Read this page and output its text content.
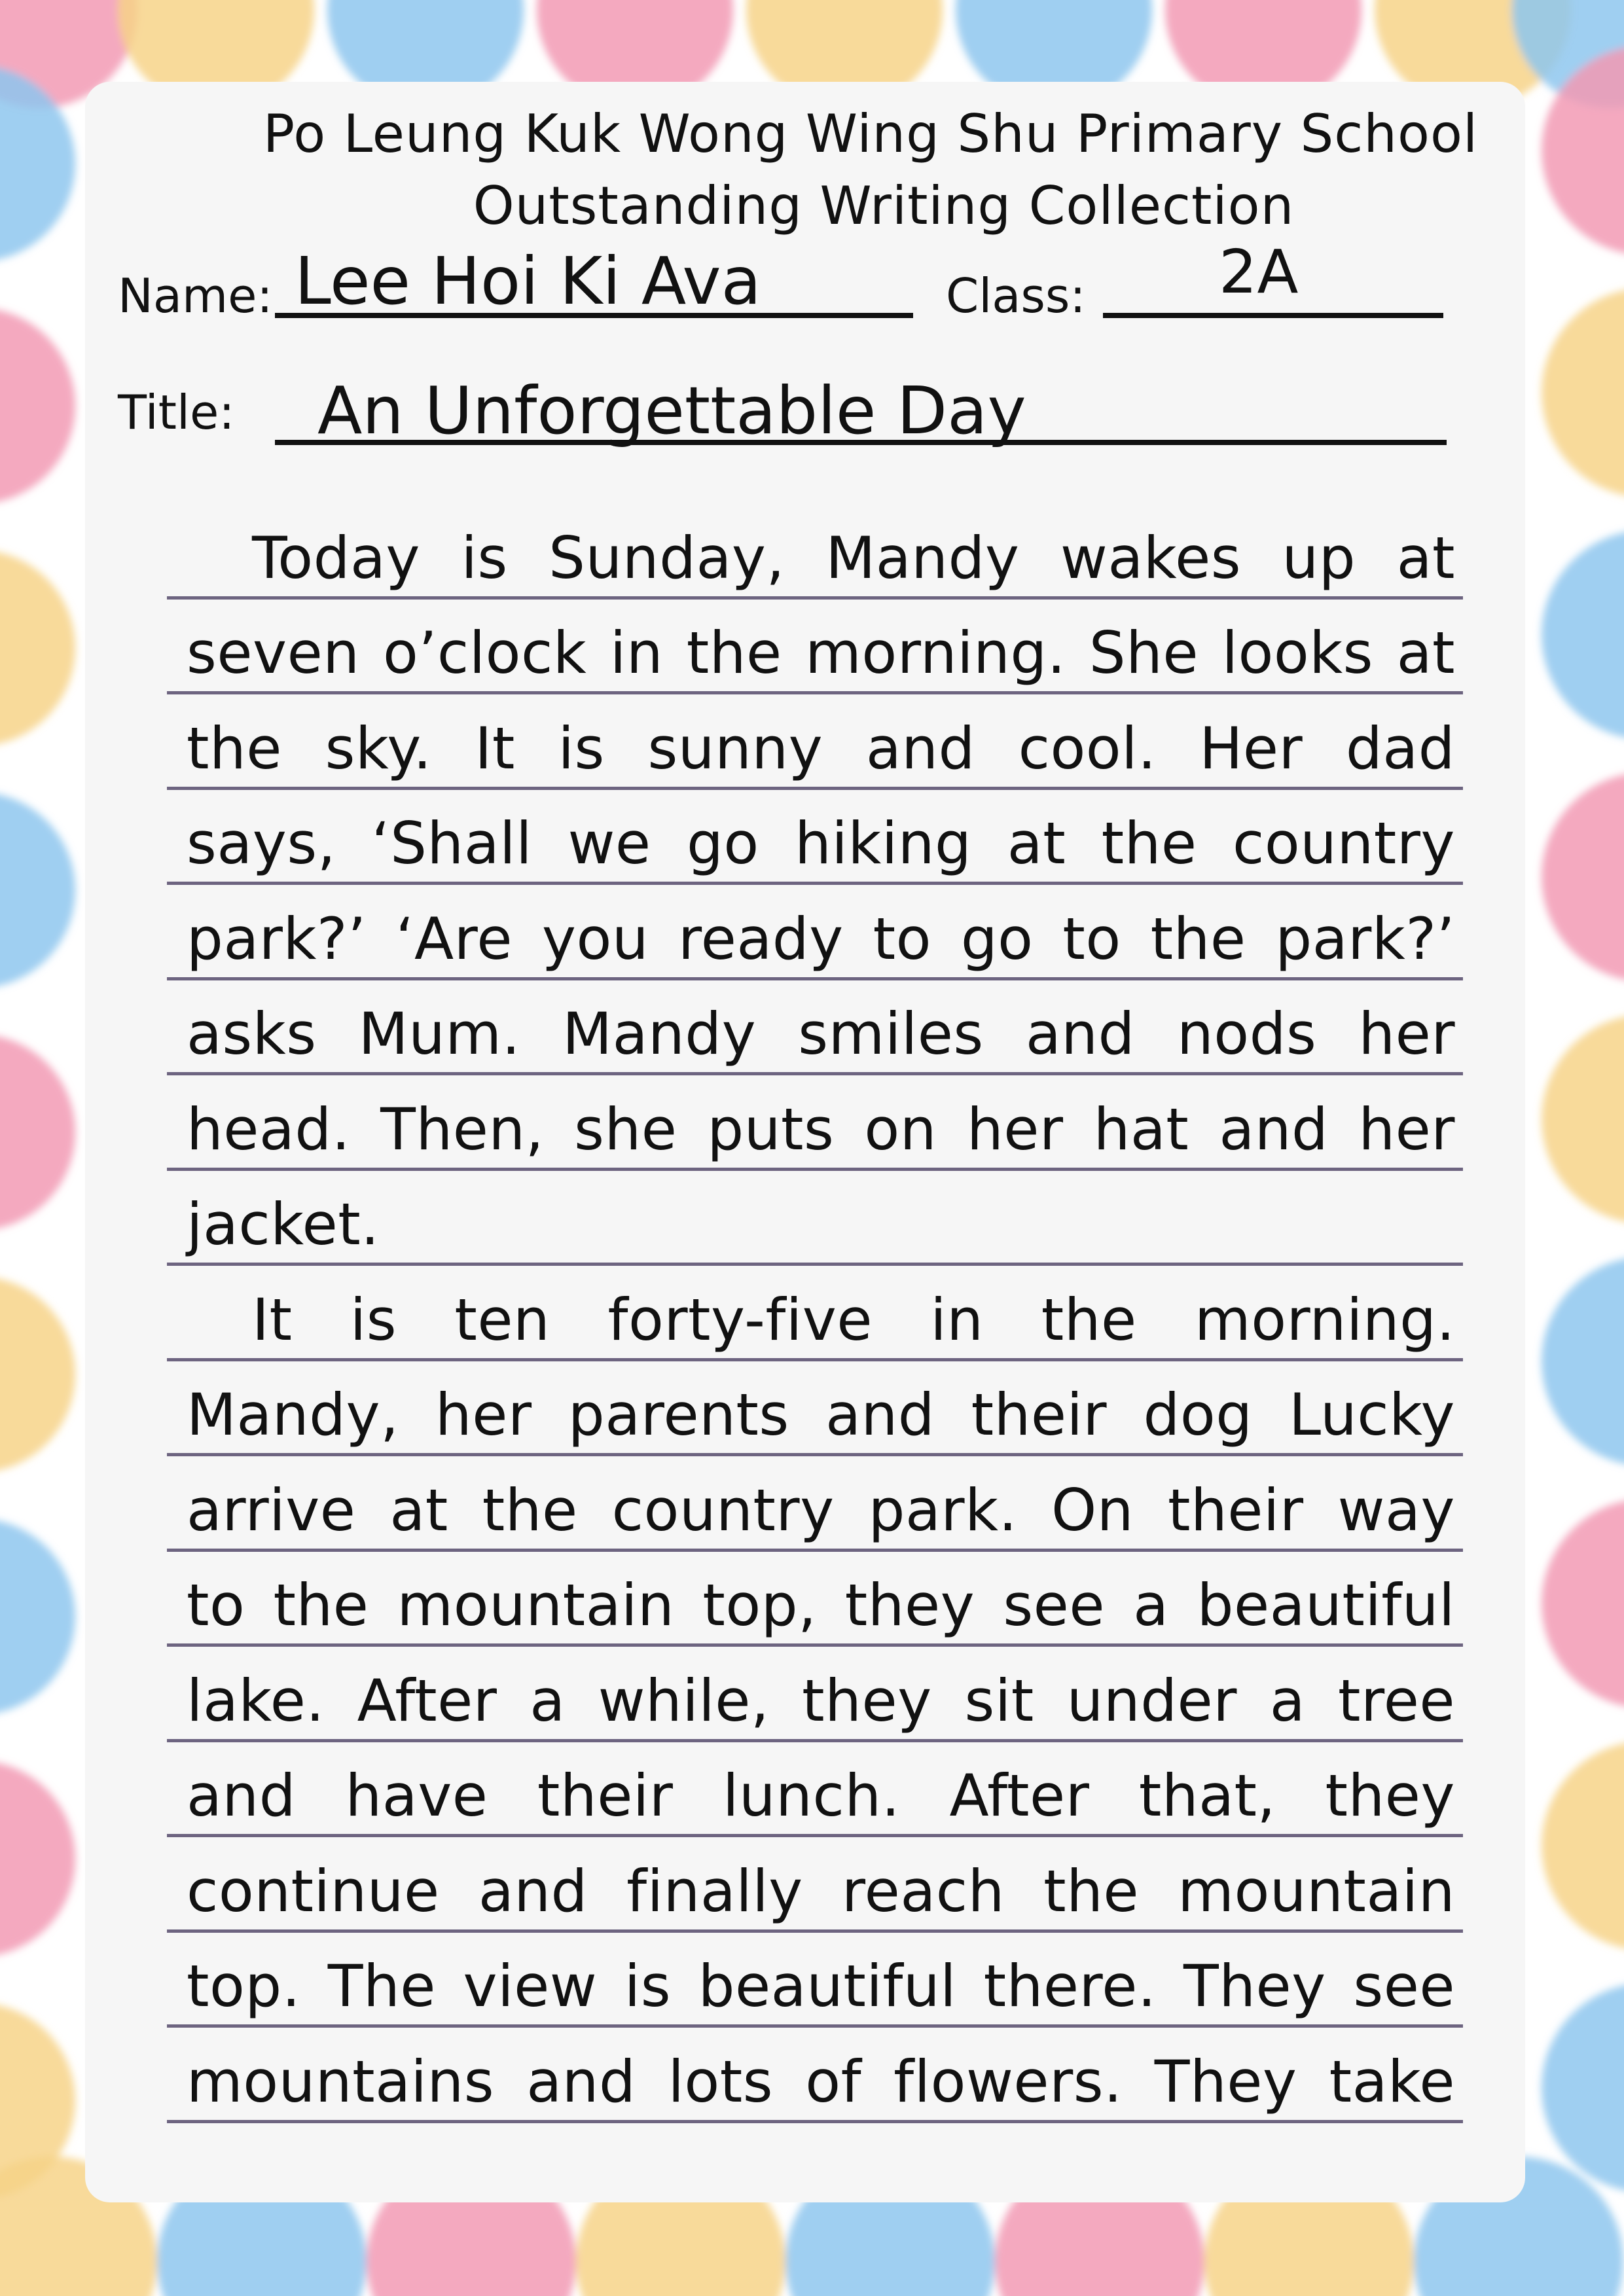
Po Leung Kuk Wong Wing Shu Primary School
Outstanding Writing Collection
Name: Lee Hoi Ki Ava	Class: 2A
Title: An Unforgettable Day
Today is Sunday, Mandy wakes up at
seven o’clock in the morning. She looks at
the sky. It is sunny and cool. Her dad
says, ‘Shall we go hiking at the country
park?’ ‘Are you ready to go to the park?’
asks Mum. Mandy smiles and nods her
head. Then, she puts on her hat and her
jacket.
It is ten forty-five in the morning.
Mandy, her parents and their dog Lucky
arrive at the country park. On their way
to the mountain top, they see a beautiful
lake. After a while, they sit under a tree
and have their lunch. After that, they
continue and finally reach the mountain
top. The view is beautiful there. They see
mountains and lots of flowers. They take
